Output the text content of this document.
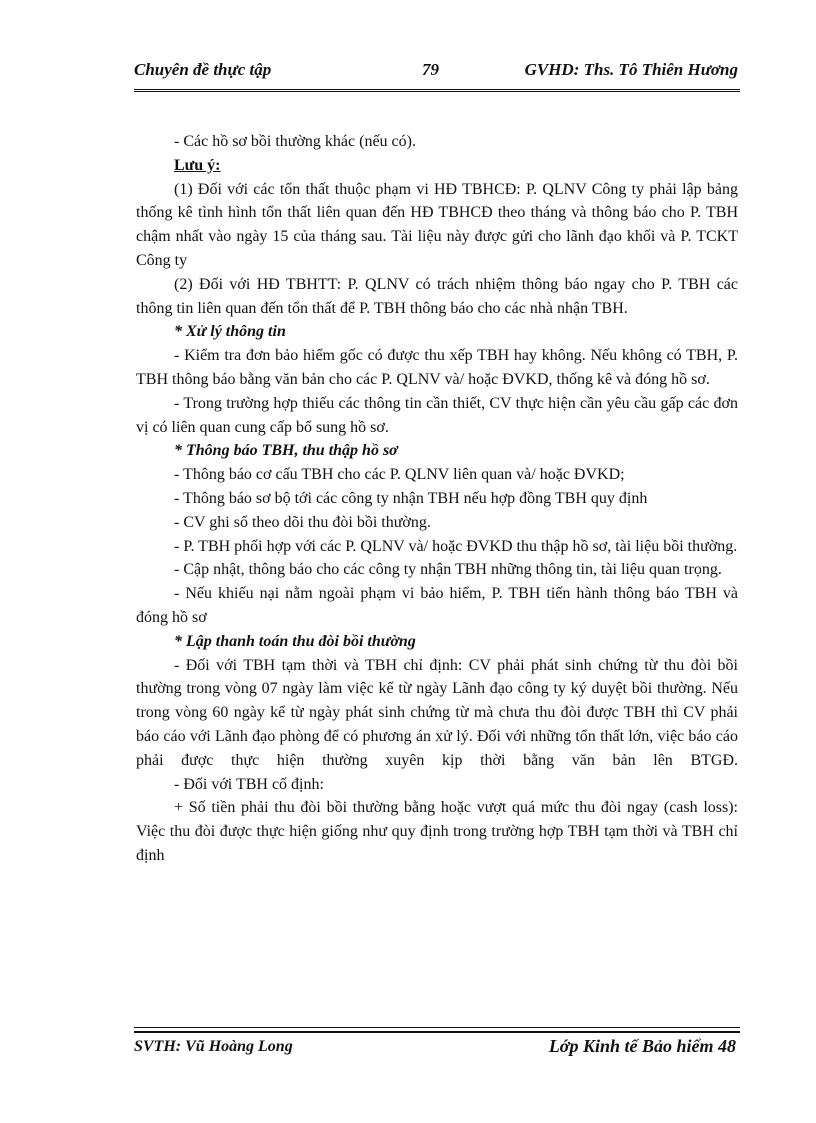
Chuyên đề thực tập	79	GVHD: Ths. Tô Thiên Hương

- Các hồ sơ bồi thường khác (nếu có).

Lưu ý:

(1) Đối với các tổn thất thuộc phạm vi HĐ TBHCĐ: P. QLNV Công ty phải lập bảng thống kê tình hình tổn thất liên quan đến HĐ TBHCĐ theo tháng và thông báo cho P. TBH chậm nhất vào ngày 15 của tháng sau. Tài liệu này được gửi cho lãnh đạo khối và P. TCKT Công ty

(2) Đối với HĐ TBHTT: P. QLNV có trách nhiệm thông báo ngay cho P. TBH các thông tin liên quan đến tổn thất để P. TBH thông báo cho các nhà nhận TBH.

* Xử lý thông tin

- Kiểm tra đơn bảo hiểm gốc có được thu xếp TBH hay không. Nếu không có TBH, P. TBH thông báo bằng văn bản cho các P. QLNV và/ hoặc ĐVKD, thống kê và đóng hồ sơ.

- Trong trường hợp thiếu các thông tin cần thiết, CV thực hiện cần yêu cầu gấp các đơn vị có liên quan cung cấp bổ sung hồ sơ.

* Thông báo TBH, thu thập hồ sơ

- Thông báo cơ cấu TBH cho các P. QLNV liên quan và/ hoặc ĐVKD;

- Thông báo sơ bộ tới các công ty nhận TBH nếu hợp đồng TBH quy định

- CV ghi sổ theo dõi thu đòi bồi thường.

- P. TBH phối hợp với các P. QLNV và/ hoặc ĐVKD thu thập hồ sơ, tài liệu bồi thường.

- Cập nhật, thông báo cho các công ty nhận TBH những thông tin, tài liệu quan trọng.

- Nếu khiếu nại nằm ngoài phạm vi bảo hiểm, P. TBH tiến hành thông báo TBH và đóng hồ sơ

* Lập thanh toán thu đòi bồi thường

- Đối với TBH tạm thời và TBH chỉ định: CV phải phát sinh chứng từ thu đòi bồi thường trong vòng 07 ngày làm việc kể từ ngày Lãnh đạo công ty ký duyệt bồi thường. Nếu trong vòng 60 ngày kể từ ngày phát sinh chứng từ mà chưa thu đòi được TBH thì CV phải báo cáo với Lãnh đạo phòng để có phương án xử lý. Đối với những tổn thất lớn, việc báo cáo phải được thực hiện thường xuyên kịp thời bằng văn bản lên BTGĐ.

- Đối với TBH cố định:

+ Số tiền phải thu đòi bồi thường bằng hoặc vượt quá mức thu đòi ngay (cash loss): Việc thu đòi được thực hiện giống như quy định trong trường hợp TBH tạm thời và TBH chỉ định

SVTH: Vũ Hoàng Long	Lớp Kinh tế Bảo hiểm 48
